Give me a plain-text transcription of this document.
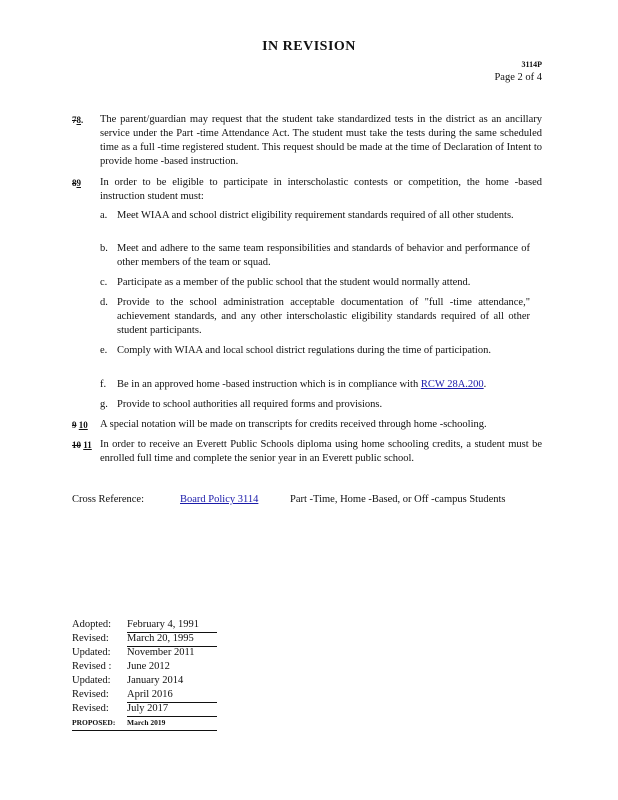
IN REVISION
3114P
Page 2 of 4
78. The parent/guardian may request that the student take standardized tests in the district as an ancillary service under the Part -time Attendance Act. The student must take the tests during the same scheduled time as a full -time registered student. This request should be made at the time of Declaration of Intent to provide home -based instruction.
89 In order to be eligible to participate in interscholastic contests or competition, the home -based instruction student must:
a. Meet WIAA and school district eligibility requirement standards required of all other students.
b. Meet and adhere to the same team responsibilities and standards of behavior and performance of other members of the team or squad.
c. Participate as a member of the public school that the student would normally attend.
d. Provide to the school administration acceptable documentation of "full -time attendance," achievement standards, and any other interscholastic eligibility standards required of all other student participants.
e. Comply with WIAA and local school district regulations during the time of participation.
f. Be in an approved home -based instruction which is in compliance with RCW 28A.200.
g. Provide to school authorities all required forms and provisions.
9 10 A special notation will be made on transcripts for credits received through home -schooling.
10 11 In order to receive an Everett Public Schools diploma using home schooling credits, a student must be enrolled full time and complete the senior year in an Everett public school.
Cross Reference:	Board Policy 3114	Part -Time, Home -Based, or Off -campus Students
Adopted:	February 4, 1991
Revised:	March 20, 1995
Updated:	November 2011
Revised :	June 2012
Updated:	January 2014
Revised:	April 2016
Revised:	July 2017
PROPOSED:	March 2019
